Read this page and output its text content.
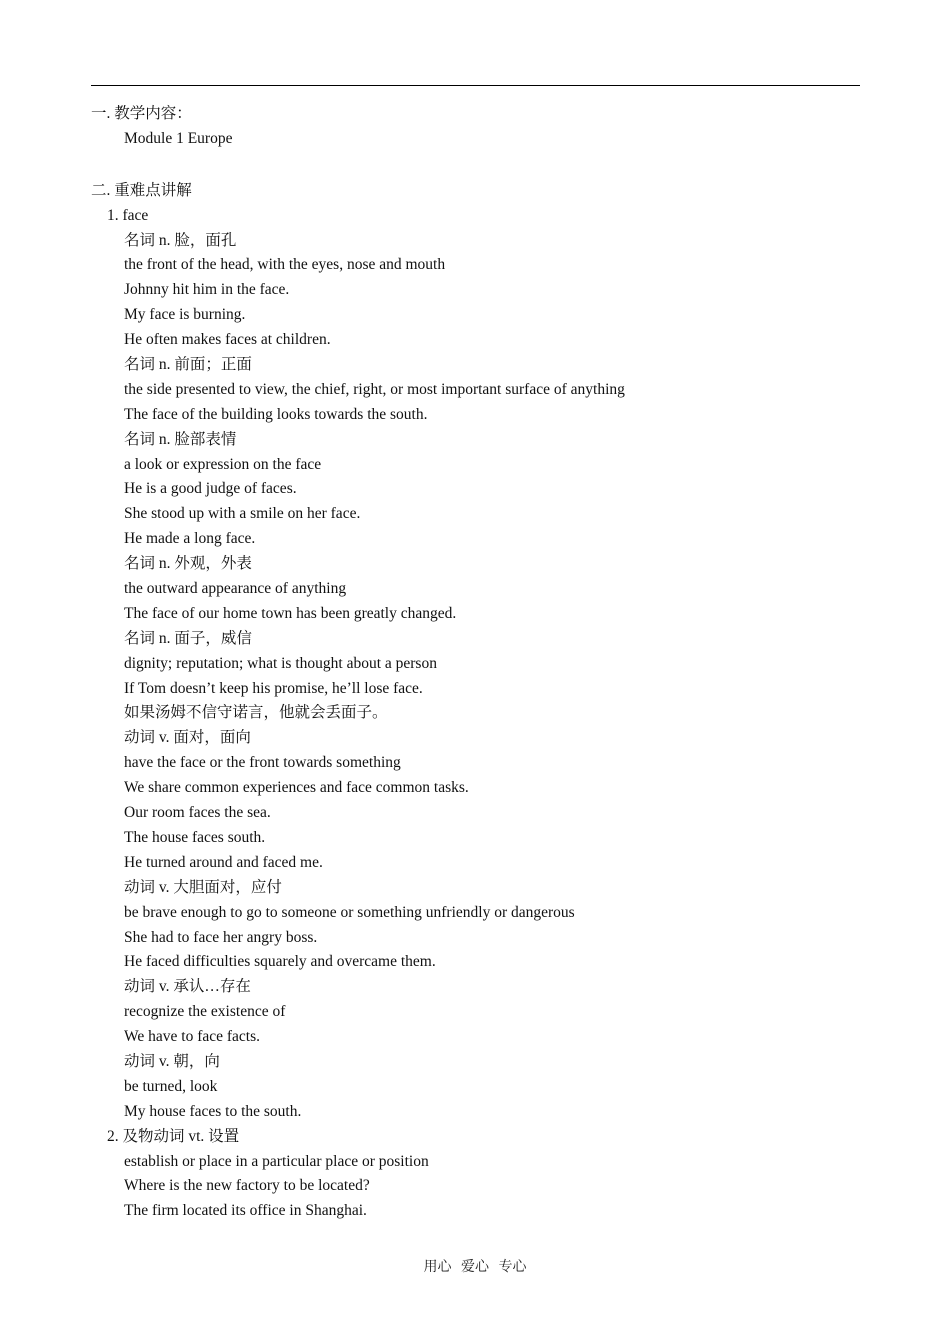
一. 教学内容：
Module 1 Europe
二. 重难点讲解
1. face
名词 n. 脸，面孔
the front of the head, with the eyes, nose and mouth
Johnny hit him in the face.
My face is burning.
He often makes faces at children.
名词 n. 前面；正面
the side presented to view, the chief, right, or most important surface of anything
The face of the building looks towards the south.
名词 n. 脸部表情
a look or expression on the face
He is a good judge of faces.
She stood up with a smile on her face.
He made a long face.
名词 n. 外观，外表
the outward appearance of anything
The face of our home town has been greatly changed.
名词 n. 面子，威信
dignity; reputation; what is thought about a person
If Tom doesn’t keep his promise, he’ll lose face.
如果汤姆不信守诺言，他就会丢面子。
动词 v. 面对，面向
have the face or the front towards something
We share common experiences and face common tasks.
Our room faces the sea.
The house faces south.
He turned around and faced me.
动词 v. 大胆面对，应付
be brave enough to go to someone or something unfriendly or dangerous
She had to face her angry boss.
He faced difficulties squarely and overcame them.
动词 v. 承认…存在
recognize the existence of
We have to face facts.
动词 v. 朝，向
be turned, look
My house faces to the south.
2. 及物动词 vt. 设置
establish or place in a particular place or position
Where is the new factory to be located?
The firm located its office in Shanghai.
用心 爱心 专心
